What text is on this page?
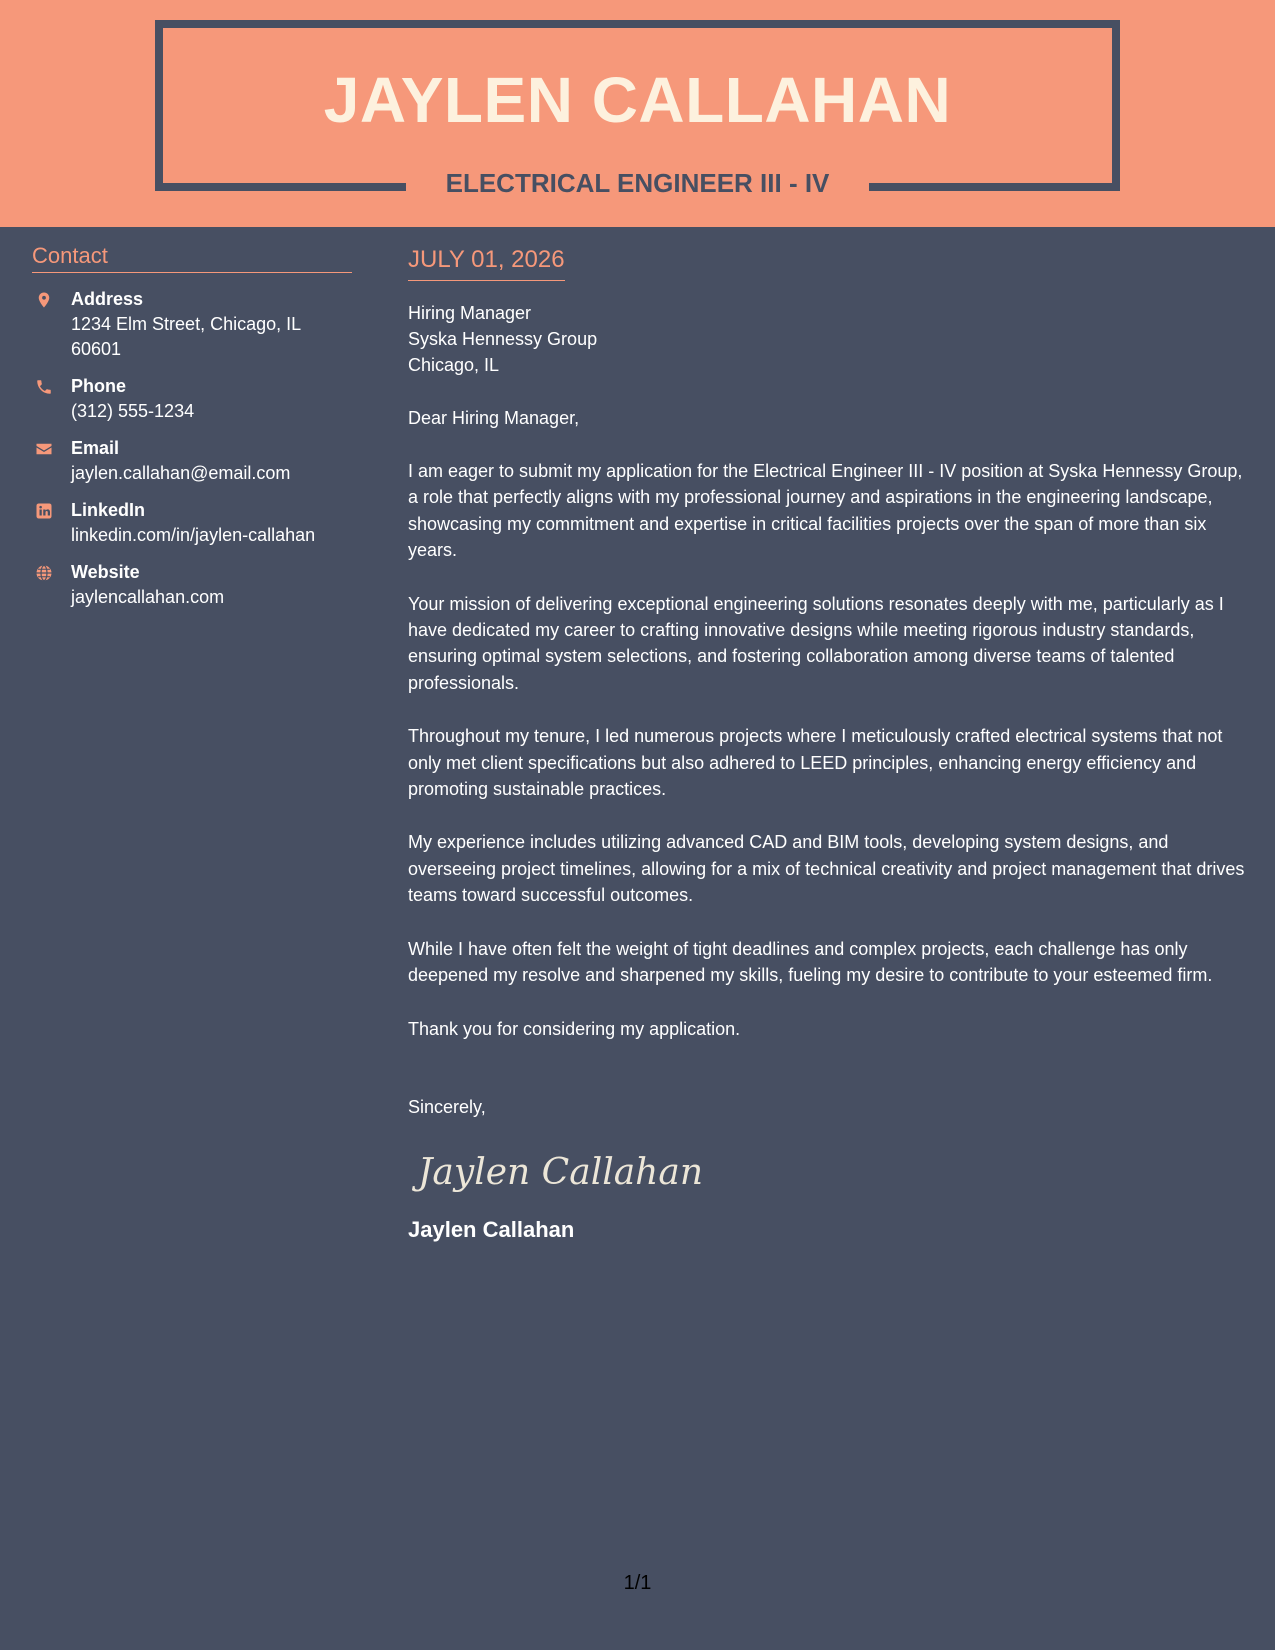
JAYLEN CALLAHAN
ELECTRICAL ENGINEER III - IV
Contact
Address
1234 Elm Street, Chicago, IL 60601
Phone
(312) 555-1234
Email
jaylen.callahan@email.com
LinkedIn
linkedin.com/in/jaylen-callahan
Website
jaylencallahan.com
JULY 01, 2026
Hiring Manager
Syska Hennessy Group
Chicago, IL
Dear Hiring Manager,
I am eager to submit my application for the Electrical Engineer III - IV position at Syska Hennessy Group, a role that perfectly aligns with my professional journey and aspirations in the engineering landscape, showcasing my commitment and expertise in critical facilities projects over the span of more than six years.
Your mission of delivering exceptional engineering solutions resonates deeply with me, particularly as I have dedicated my career to crafting innovative designs while meeting rigorous industry standards, ensuring optimal system selections, and fostering collaboration among diverse teams of talented professionals.
Throughout my tenure, I led numerous projects where I meticulously crafted electrical systems that not only met client specifications but also adhered to LEED principles, enhancing energy efficiency and promoting sustainable practices.
My experience includes utilizing advanced CAD and BIM tools, developing system designs, and overseeing project timelines, allowing for a mix of technical creativity and project management that drives teams toward successful outcomes.
While I have often felt the weight of tight deadlines and complex projects, each challenge has only deepened my resolve and sharpened my skills, fueling my desire to contribute to your esteemed firm.
Thank you for considering my application.
Sincerely,
Jaylen Callahan
Jaylen Callahan
1/1
